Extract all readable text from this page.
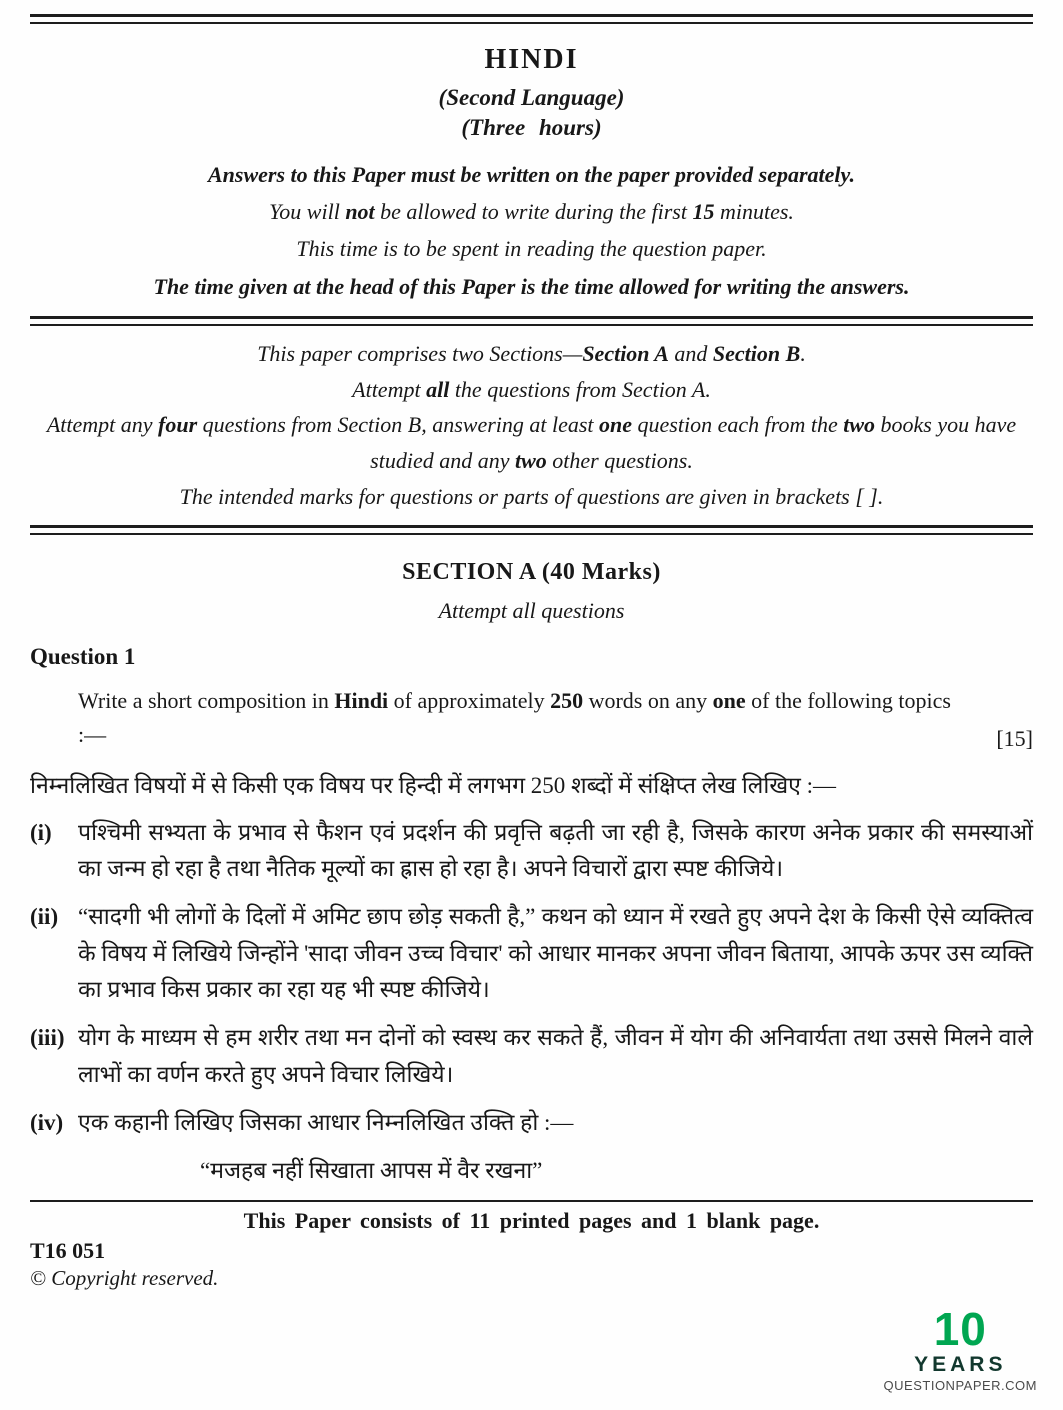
HINDI

(Second Language)

(Three hours)

Answers to this Paper must be written on the paper provided separately.

You will not be allowed to write during the first 15 minutes.

This time is to be spent in reading the question paper.

The time given at the head of this Paper is the time allowed for writing the answers.

This paper comprises two Sections—Section A and Section B.

Attempt all the questions from Section A.

Attempt any four questions from Section B, answering at least one question each from the two books you have studied and any two other questions.

The intended marks for questions or parts of questions are given in brackets [ ].

SECTION A (40 Marks)

Attempt all questions

Question 1

Write a short composition in Hindi of approximately 250 words on any one of the following topics :—	[15]

निम्नलिखित विषयों में से किसी एक विषय पर हिन्दी में लगभग 250 शब्दों में संक्षिप्त लेख लिखिए :—

(i)	पश्चिमी सभ्यता के प्रभाव से फैशन एवं प्रदर्शन की प्रवृत्ति बढ़ती जा रही है, जिसके कारण अनेक प्रकार की समस्याओं का जन्म हो रहा है तथा नैतिक मूल्यों का ह्रास हो रहा है। अपने विचारों द्वारा स्पष्ट कीजिये।

(ii) “सादगी भी लोगों के दिलों में अमिट छाप छोड़ सकती है,” कथन को ध्यान में रखते हुए अपने देश के किसी ऐसे व्यक्तित्व के विषय में लिखिये जिन्होंने 'सादा जीवन उच्च विचार' को आधार मानकर अपना जीवन बिताया, आपके ऊपर उस व्यक्ति का प्रभाव किस प्रकार का रहा यह भी स्पष्ट कीजिये।

(iii) योग के माध्यम से हम शरीर तथा मन दोनों को स्वस्थ कर सकते हैं, जीवन में योग की अनिवार्यता तथा उससे मिलने वाले लाभों का वर्णन करते हुए अपने विचार लिखिये।

(iv) एक कहानी लिखिए जिसका आधार निम्नलिखित उक्ति हो :—

“मजहब नहीं सिखाता आपस में वैर रखना”

This Paper consists of 11 printed pages and 1 blank page.

T16 051

© Copyright reserved.

10
YEARS
QUESTIONPAPER.COM
